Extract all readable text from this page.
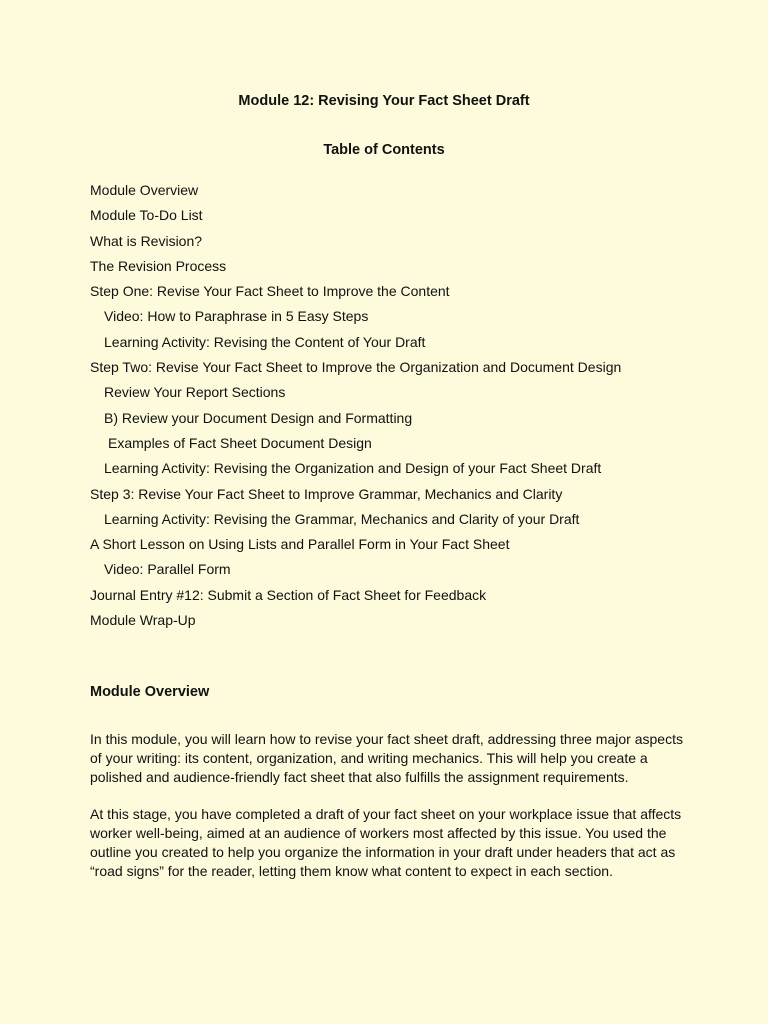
Module 12: Revising Your Fact Sheet Draft
Table of Contents
Module Overview
Module To-Do List
What is Revision?
The Revision Process
Step One: Revise Your Fact Sheet to Improve the Content
Video: How to Paraphrase in 5 Easy Steps
Learning Activity: Revising the Content of Your Draft
Step Two: Revise Your Fact Sheet to Improve the Organization and Document Design
Review Your Report Sections
B) Review your Document Design and Formatting
Examples of Fact Sheet Document Design
Learning Activity: Revising the Organization and Design of your Fact Sheet Draft
Step 3: Revise Your Fact Sheet to Improve Grammar, Mechanics and Clarity
Learning Activity: Revising the Grammar, Mechanics and Clarity of your Draft
A Short Lesson on Using Lists and Parallel Form in Your Fact Sheet
Video: Parallel Form
Journal Entry #12: Submit a Section of Fact Sheet for Feedback
Module Wrap-Up
Module Overview

In this module, you will learn how to revise your fact sheet draft, addressing three major aspects of your writing: its content, organization, and writing mechanics. This will help you create a polished and audience-friendly fact sheet that also fulfills the assignment requirements.

At this stage, you have completed a draft of your fact sheet on your workplace issue that affects worker well-being, aimed at an audience of workers most affected by this issue. You used the outline you created to help you organize the information in your draft under headers that act as “road signs” for the reader, letting them know what content to expect in each section.
